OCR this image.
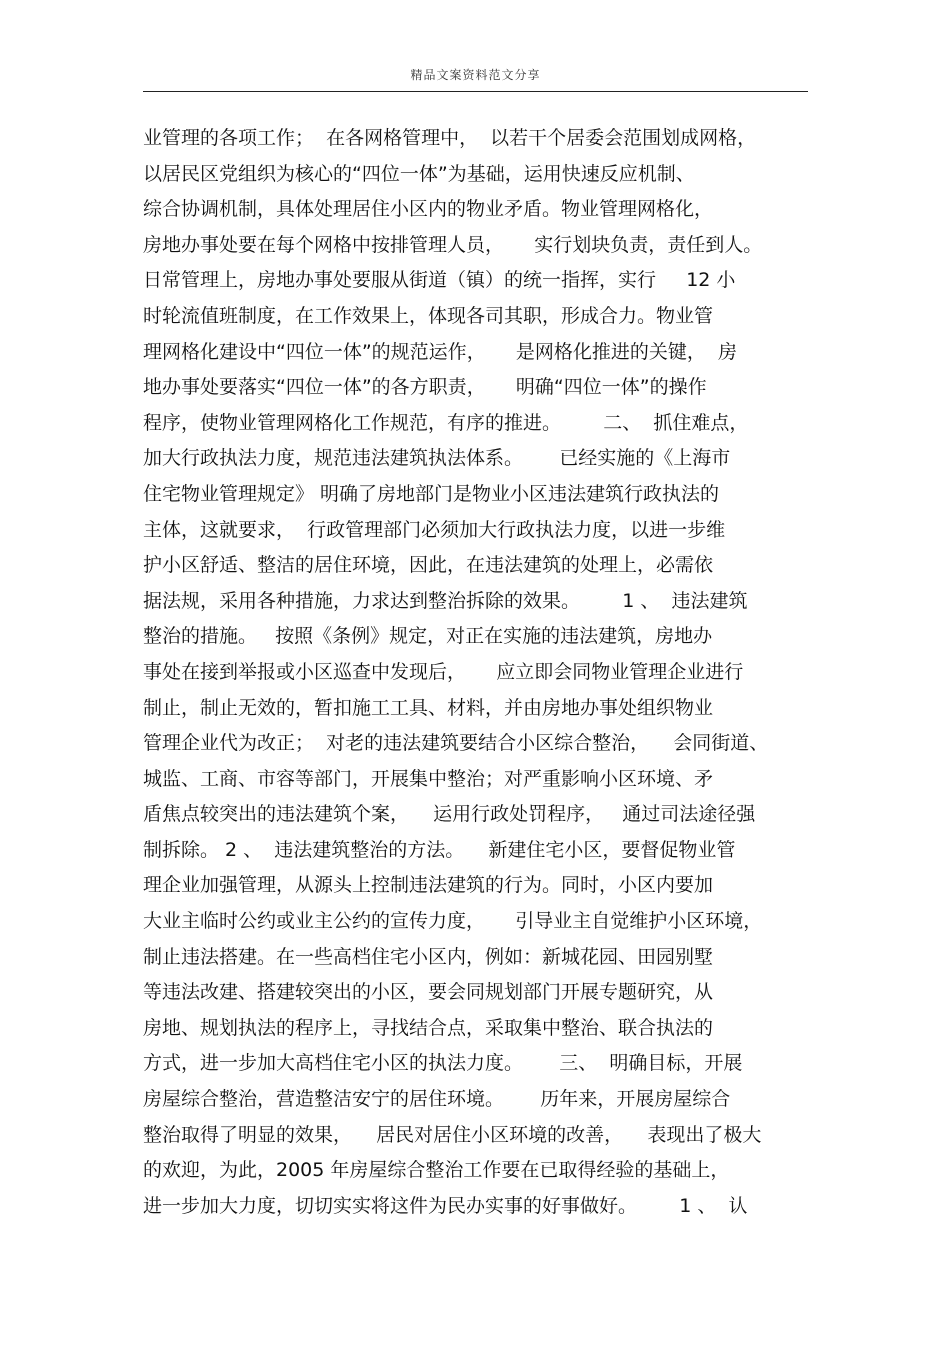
精品文案资料范文分享
业管理的各项工作；  在各网格管理中，  以若干个居委会范围划成网格，
以居民区党组织为核心的“四位一体”为基础，运用快速反应机制、
综合协调机制，具体处理居住小区内的物业矛盾。物业管理网格化，
房地办事处要在每个网格中按排管理人员，     实行划块负责，责任到人。
日常管理上，房地办事处要服从街道（镇）的统一指挥，实行     12 小
时轮流值班制度，在工作效果上，体现各司其职，形成合力。物业管
理网格化建设中“四位一体”的规范运作，     是网格化推进的关键，  房
地办事处要落实“四位一体”的各方职责，     明确“四位一体”的操作
程序，使物业管理网格化工作规范，有序的推进。       二、  抓住难点，
加大行政执法力度，规范违法建筑执法体系。      已经实施的《上海市
住宅物业管理规定》 明确了房地部门是物业小区违法建筑行政执法的
主体，这就要求，  行政管理部门必须加大行政执法力度，以进一步维
护小区舒适、整洁的居住环境，因此，在违法建筑的处理上，必需依
据法规，采用各种措施，力求达到整治拆除的效果。       1 、  违法建筑
整治的措施。   按照《条例》规定，对正在实施的违法建筑，房地办
事处在接到举报或小区巡查中发现后，     应立即会同物业管理企业进行
制止，制止无效的，暂扣施工工具、材料，并由房地办事处组织物业
管理企业代为改正；  对老的违法建筑要结合小区综合整治，    会同街道、
城监、工商、市容等部门，开展集中整治；对严重影响小区环境、矛
盾焦点较突出的违法建筑个案，    运用行政处罚程序，   通过司法途径强
制拆除。 2 、  违法建筑整治的方法。    新建住宅小区，要督促物业管
理企业加强管理，从源头上控制违法建筑的行为。同时，小区内要加
大业主临时公约或业主公约的宣传力度，     引导业主自觉维护小区环境，
制止违法搭建。在一些高档住宅小区内，例如：新城花园、田园别墅
等违法改建、搭建较突出的小区，要会同规划部门开展专题研究，从
房地、规划执法的程序上，寻找结合点，采取集中整治、联合执法的
方式，进一步加大高档住宅小区的执法力度。      三、  明确目标，开展
房屋综合整治，营造整洁安宁的居住环境。      历年来，开展房屋综合
整治取得了明显的效果，    居民对居住小区环境的改善，    表现出了极大
的欢迎，为此，2005 年房屋综合整治工作要在已取得经验的基础上，
进一步加大力度，切切实实将这件为民办实事的好事做好。       1 、  认
